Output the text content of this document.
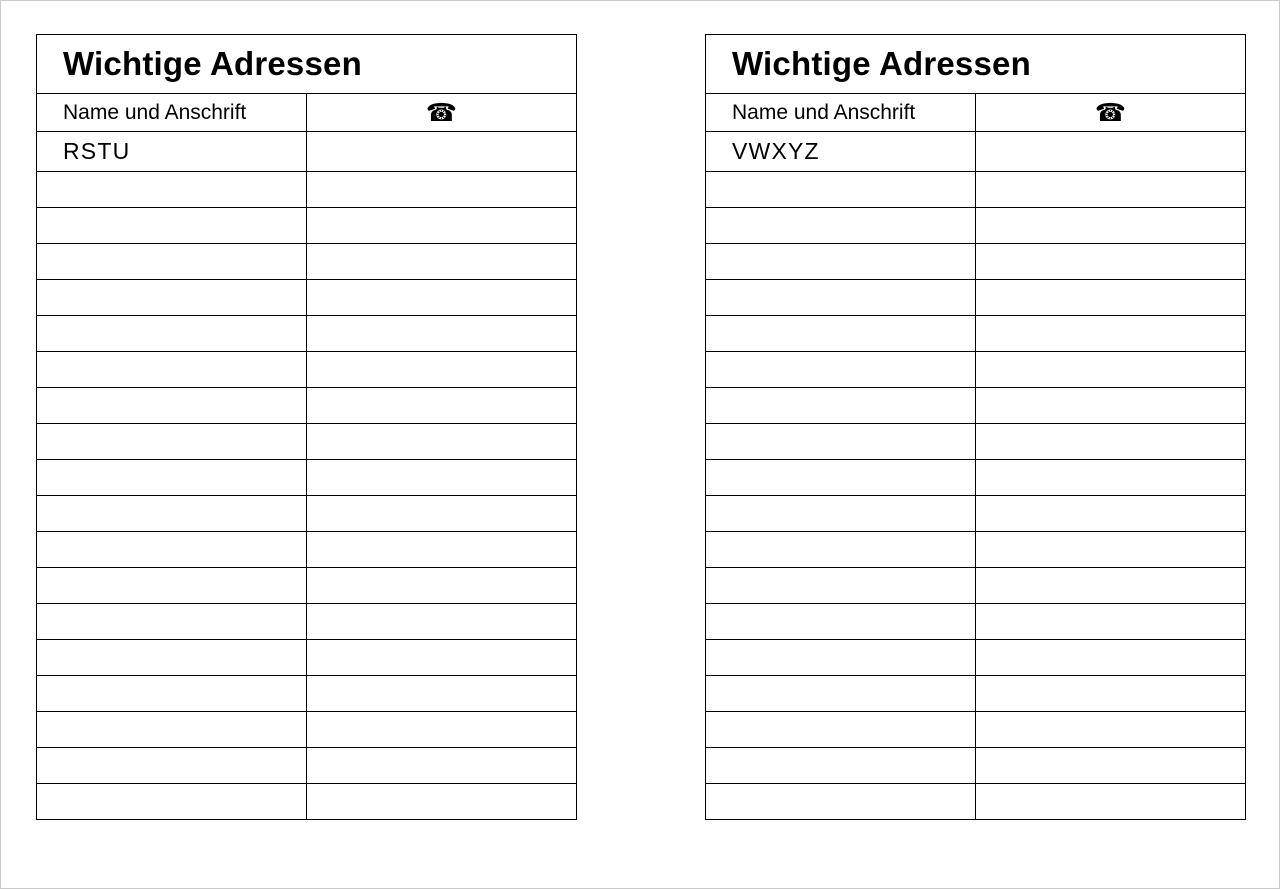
Wichtige Adressen	
Name und Anschrift	☎
RSTU	

Wichtige Adressen	
Name und Anschrift	☎
VWXYZ	
